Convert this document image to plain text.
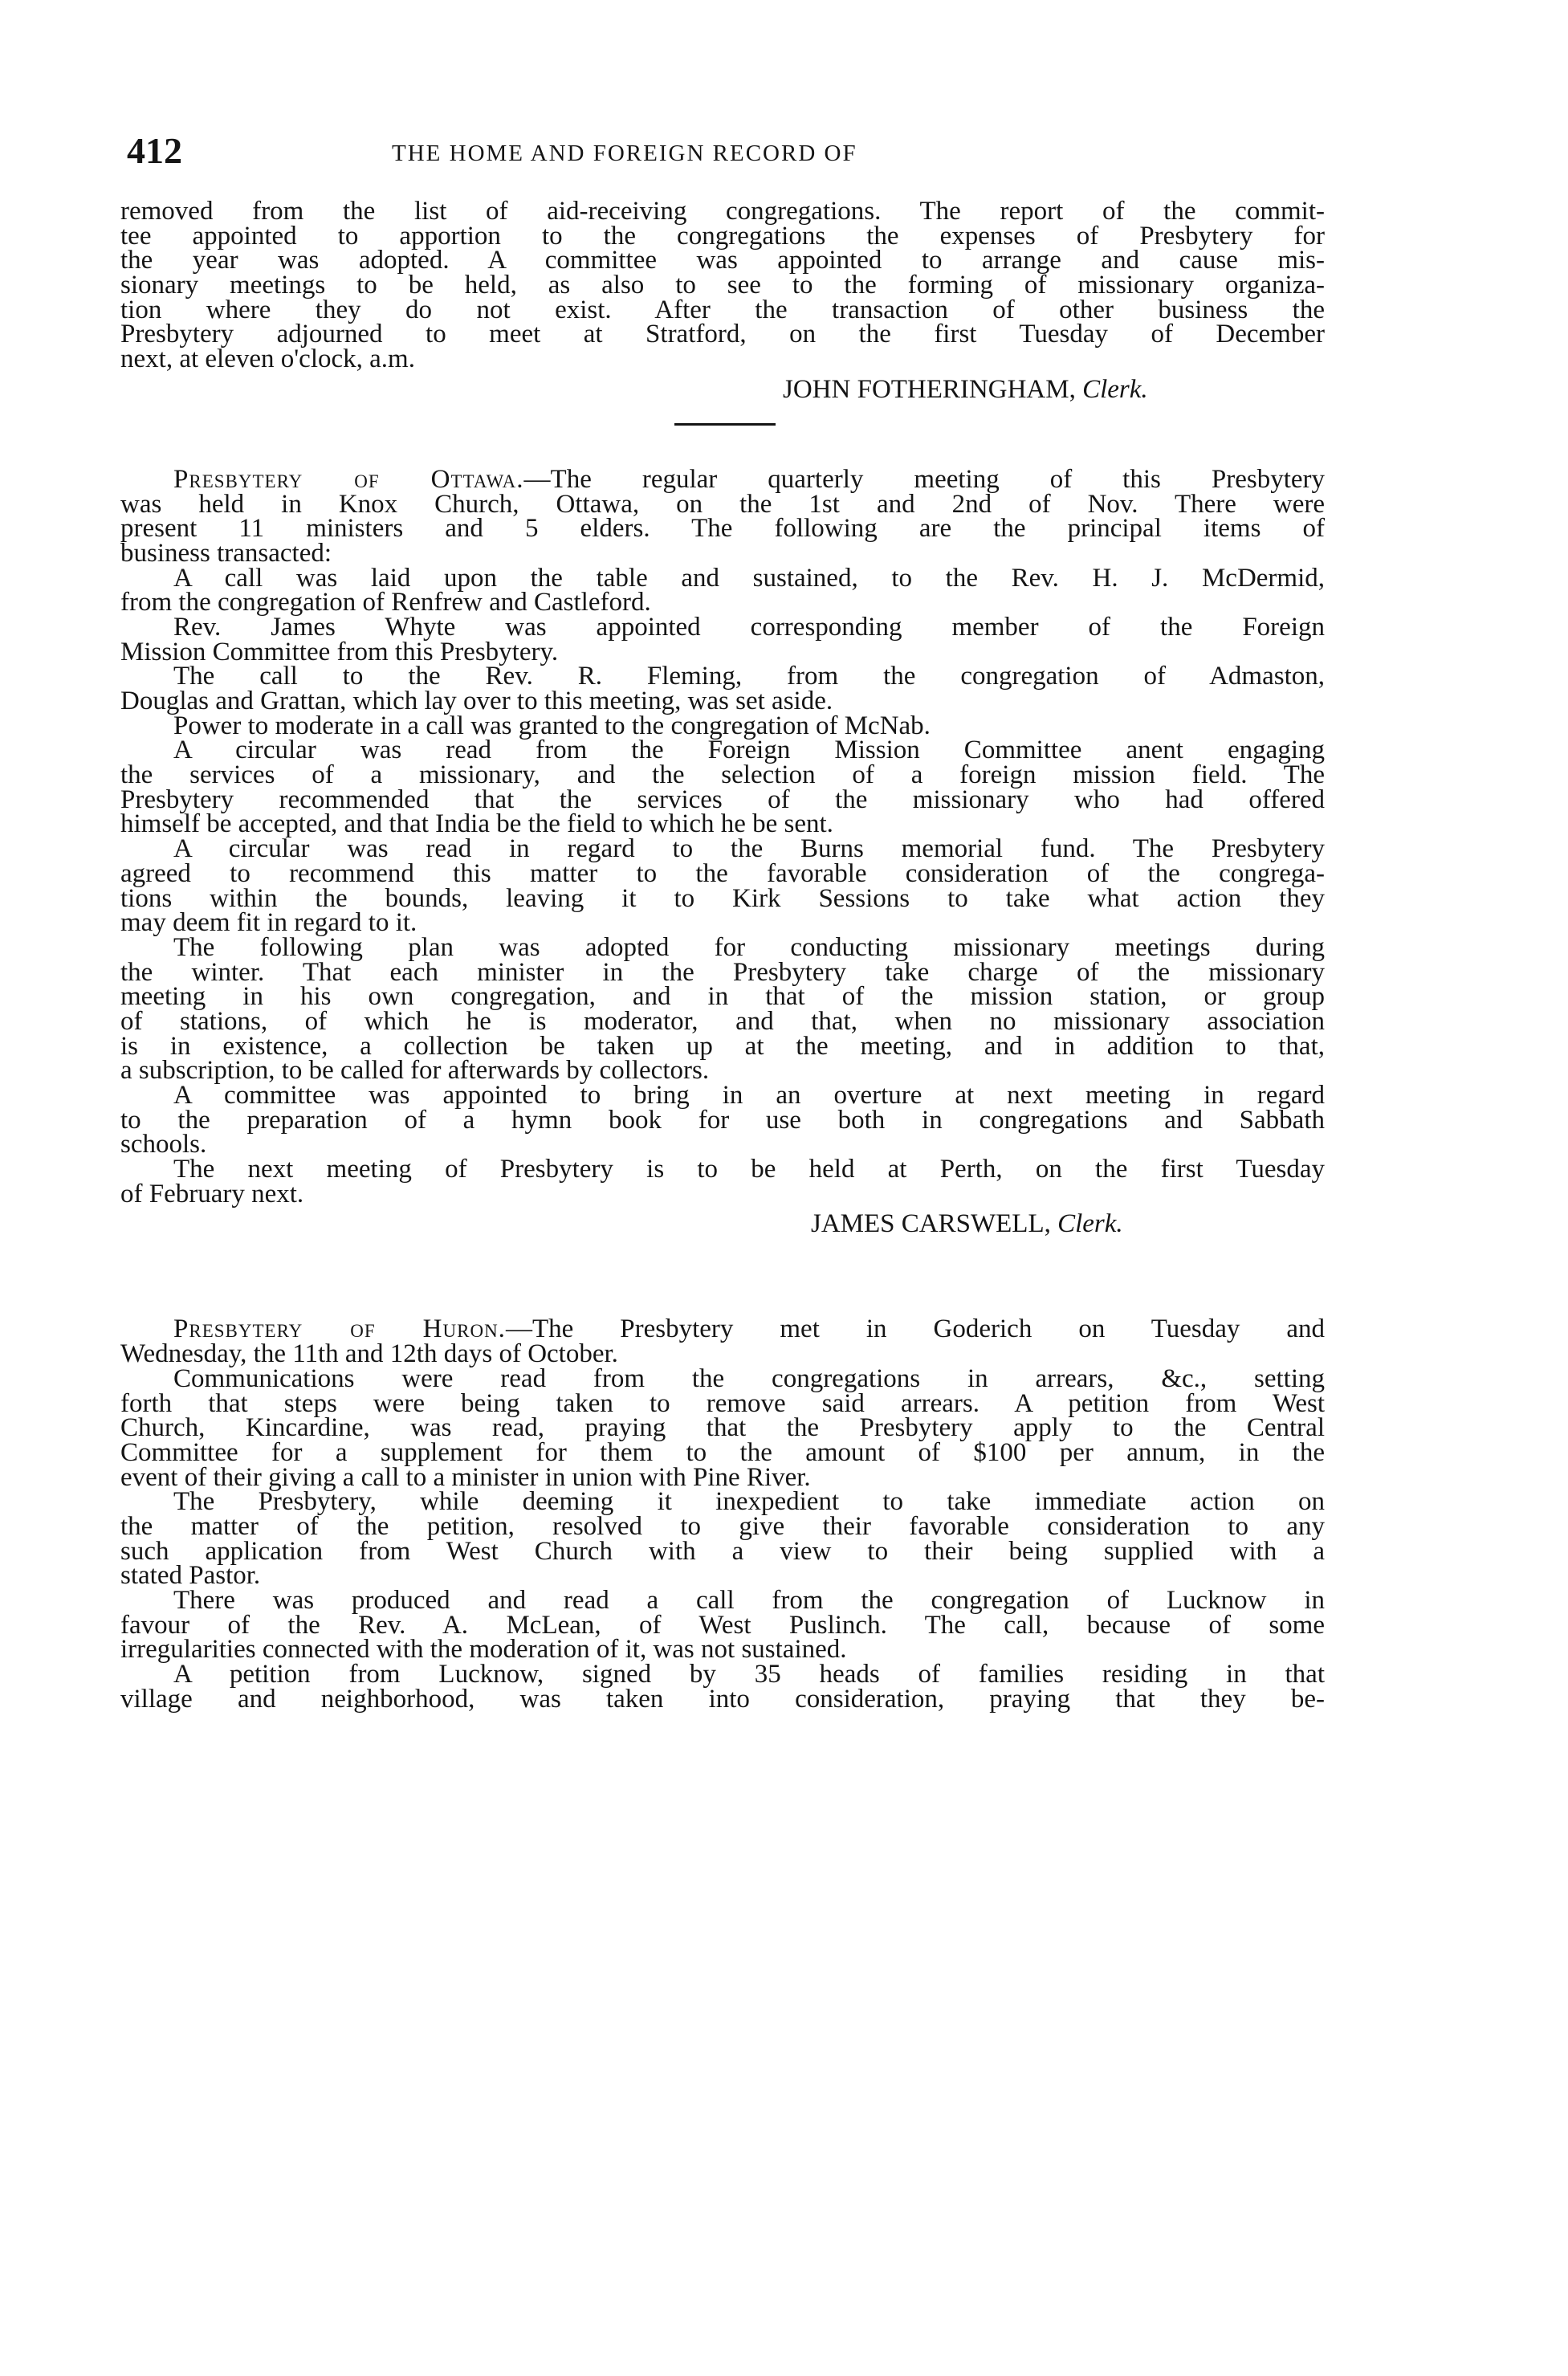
412	THE HOME AND FOREIGN RECORD OF
removed from the list of aid-receiving congregations. The report of the commit-
tee appointed to apportion to the congregations the expenses of Presbytery for
the year was adopted. A committee was appointed to arrange and cause mis-
sionary meetings to be held, as also to see to the forming of missionary organiza-
tion where they do not exist. After the transaction of other business the
Presbytery adjourned to meet at Stratford, on the first Tuesday of December
next, at eleven o'clock, a.m.
JOHN FOTHERINGHAM, Clerk.
Presbytery of Ottawa.—The regular quarterly meeting of this Presbytery
was held in Knox Church, Ottawa, on the 1st and 2nd of Nov. There were
present 11 ministers and 5 elders. The following are the principal items of
business transacted:
A call was laid upon the table and sustained, to the Rev. H. J. McDermid,
from the congregation of Renfrew and Castleford.
Rev. James Whyte was appointed corresponding member of the Foreign
Mission Committee from this Presbytery.
The call to the Rev. R. Fleming, from the congregation of Admaston,
Douglas and Grattan, which lay over to this meeting, was set aside.
Power to moderate in a call was granted to the congregation of McNab.
A circular was read from the Foreign Mission Committee anent engaging
the services of a missionary, and the selection of a foreign mission field. The
Presbytery recommended that the services of the missionary who had offered
himself be accepted, and that India be the field to which he be sent.
A circular was read in regard to the Burns memorial fund. The Presbytery
agreed to recommend this matter to the favorable consideration of the congrega-
tions within the bounds, leaving it to Kirk Sessions to take what action they
may deem fit in regard to it.
The following plan was adopted for conducting missionary meetings during
the winter. That each minister in the Presbytery take charge of the missionary
meeting in his own congregation, and in that of the mission station, or group
of stations, of which he is moderator, and that, when no missionary association
is in existence, a collection be taken up at the meeting, and in addition to that,
a subscription, to be called for afterwards by collectors.
A committee was appointed to bring in an overture at next meeting in regard
to the preparation of a hymn book for use both in congregations and Sabbath
schools.
The next meeting of Presbytery is to be held at Perth, on the first Tuesday
of February next.
JAMES CARSWELL, Clerk.
Presbytery of Huron.—The Presbytery met in Goderich on Tuesday and
Wednesday, the 11th and 12th days of October.
Communications were read from the congregations in arrears, &c., setting
forth that steps were being taken to remove said arrears. A petition from West
Church, Kincardine, was read, praying that the Presbytery apply to the Central
Committee for a supplement for them to the amount of $100 per annum, in the
event of their giving a call to a minister in union with Pine River.
The Presbytery, while deeming it inexpedient to take immediate action on
the matter of the petition, resolved to give their favorable consideration to any
such application from West Church with a view to their being supplied with a
stated Pastor.
There was produced and read a call from the congregation of Lucknow in
favour of the Rev. A. McLean, of West Puslinch. The call, because of some
irregularities connected with the moderation of it, was not sustained.
A petition from Lucknow, signed by 35 heads of families residing in that
village and neighborhood, was taken into consideration, praying that they be-
